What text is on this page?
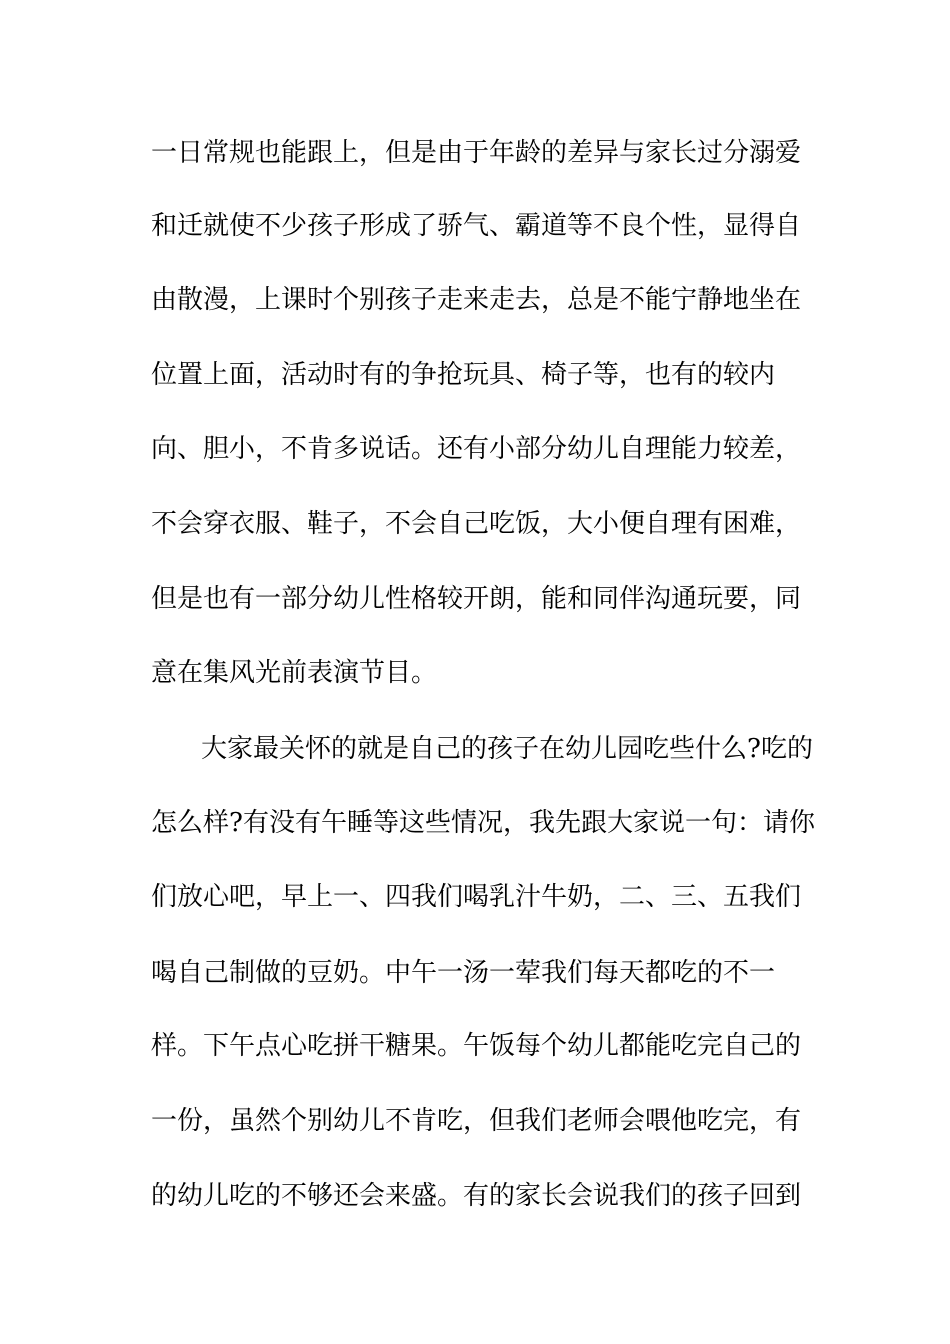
一日常规也能跟上，但是由于年龄的差异与家长过分溺爱
和迁就使不少孩子形成了骄气、霸道等不良个性，显得自
由散漫，上课时个别孩子走来走去，总是不能宁静地坐在
位置上面，活动时有的争抢玩具、椅子等，也有的较内
向、胆小，不肯多说话。还有小部分幼儿自理能力较差，
不会穿衣服、鞋子，不会自己吃饭，大小便自理有困难，
但是也有一部分幼儿性格较开朗，能和同伴沟通玩要，同
意在集风光前表演节目。
大家最关怀的就是自己的孩子在幼儿园吃些什么?吃的
怎么样?有没有午睡等这些情况，我先跟大家说一句：请你
们放心吧，早上一、四我们喝乳汁牛奶，二、三、五我们
喝自己制做的豆奶。中午一汤一荤我们每天都吃的不一
样。下午点心吃拼干糖果。午饭每个幼儿都能吃完自己的
一份，虽然个别幼儿不肯吃，但我们老师会喂他吃完，有
的幼儿吃的不够还会来盛。有的家长会说我们的孩子回到
